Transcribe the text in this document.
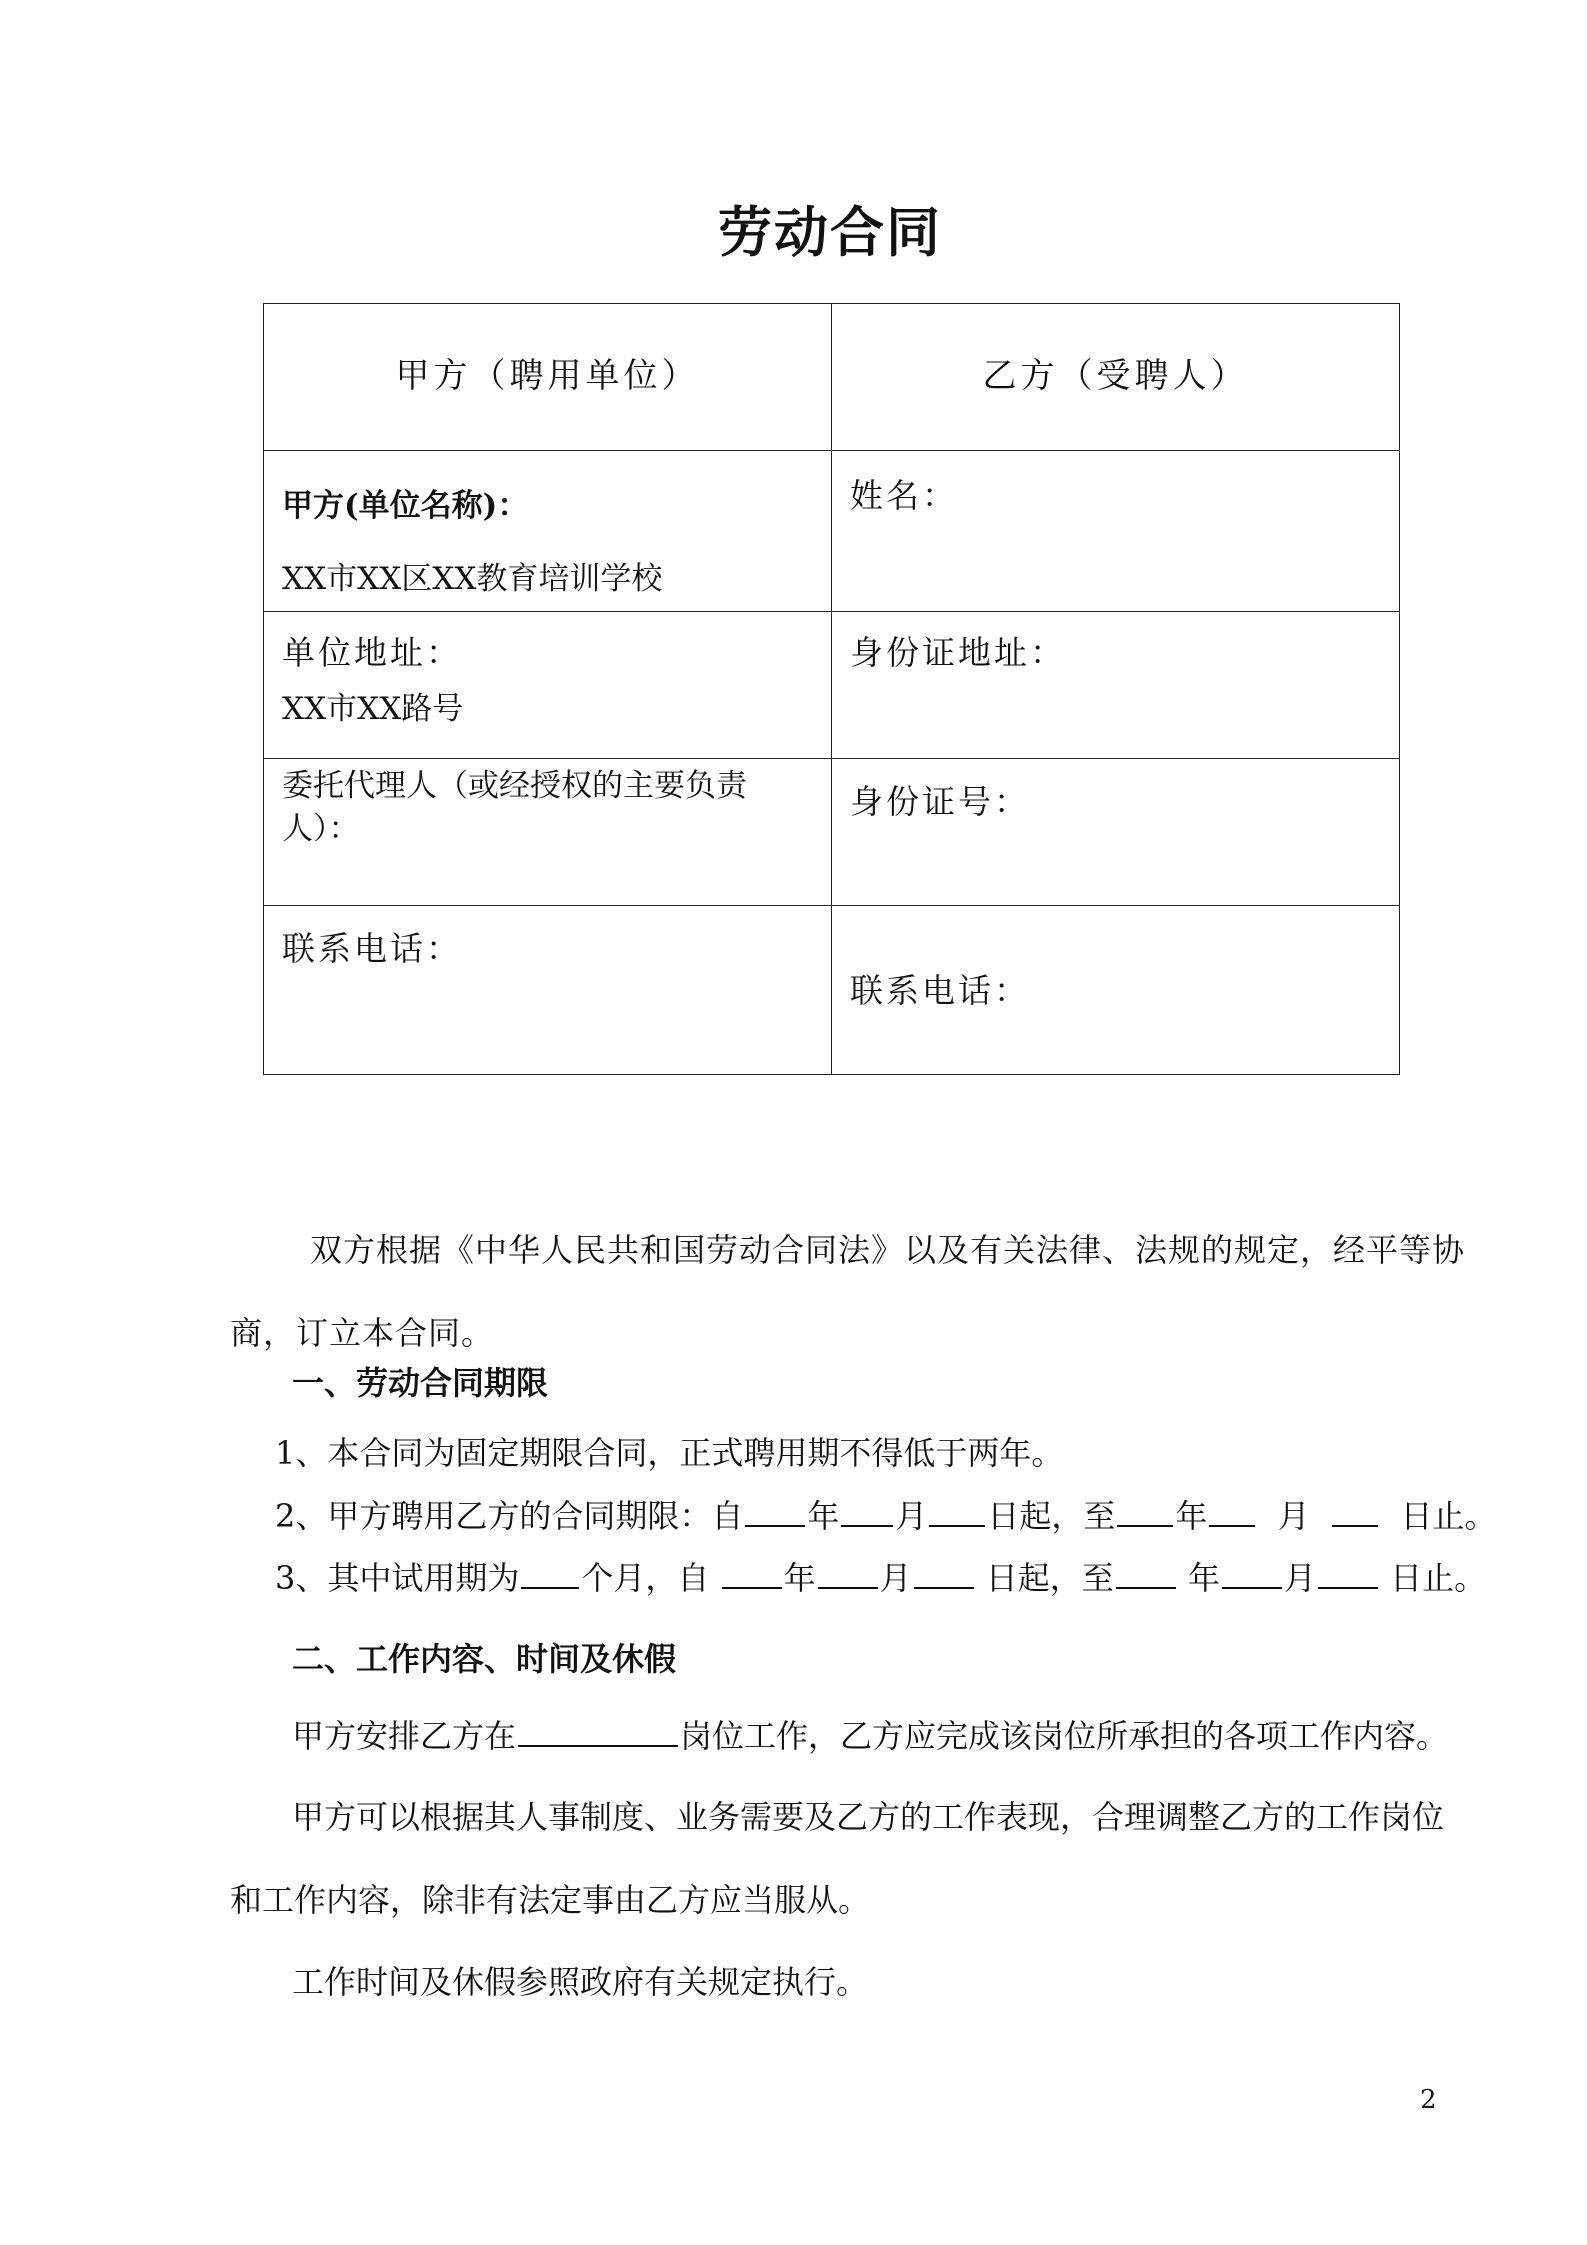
劳动合同
甲方（聘用单位）	乙方（受聘人）

甲方(单位名称)：
XX市XX区XX教育培训学校	姓名：

单位地址：
XX市XX路号	身份证地址：

委托代理人（或经授权的主要负责人）：	身份证号：

联系电话：	联系电话：
双方根据《中华人民共和国劳动合同法》以及有关法律、法规的规定，经平等协
商，订立本合同。
一、劳动合同期限
1、本合同为固定期限合同，正式聘用期不得低于两年。
2、甲方聘用乙方的合同期限：自 年 月 日起，至 年 月	日止。
3、其中试用期为 个月，自 年 月 日起，至 年 月 日止。
二、工作内容、时间及休假
甲方安排乙方在	岗位工作，乙方应完成该岗位所承担的各项工作内容。
甲方可以根据其人事制度、业务需要及乙方的工作表现，合理调整乙方的工作岗位
和工作内容，除非有法定事由乙方应当服从。
工作时间及休假参照政府有关规定执行。
2
